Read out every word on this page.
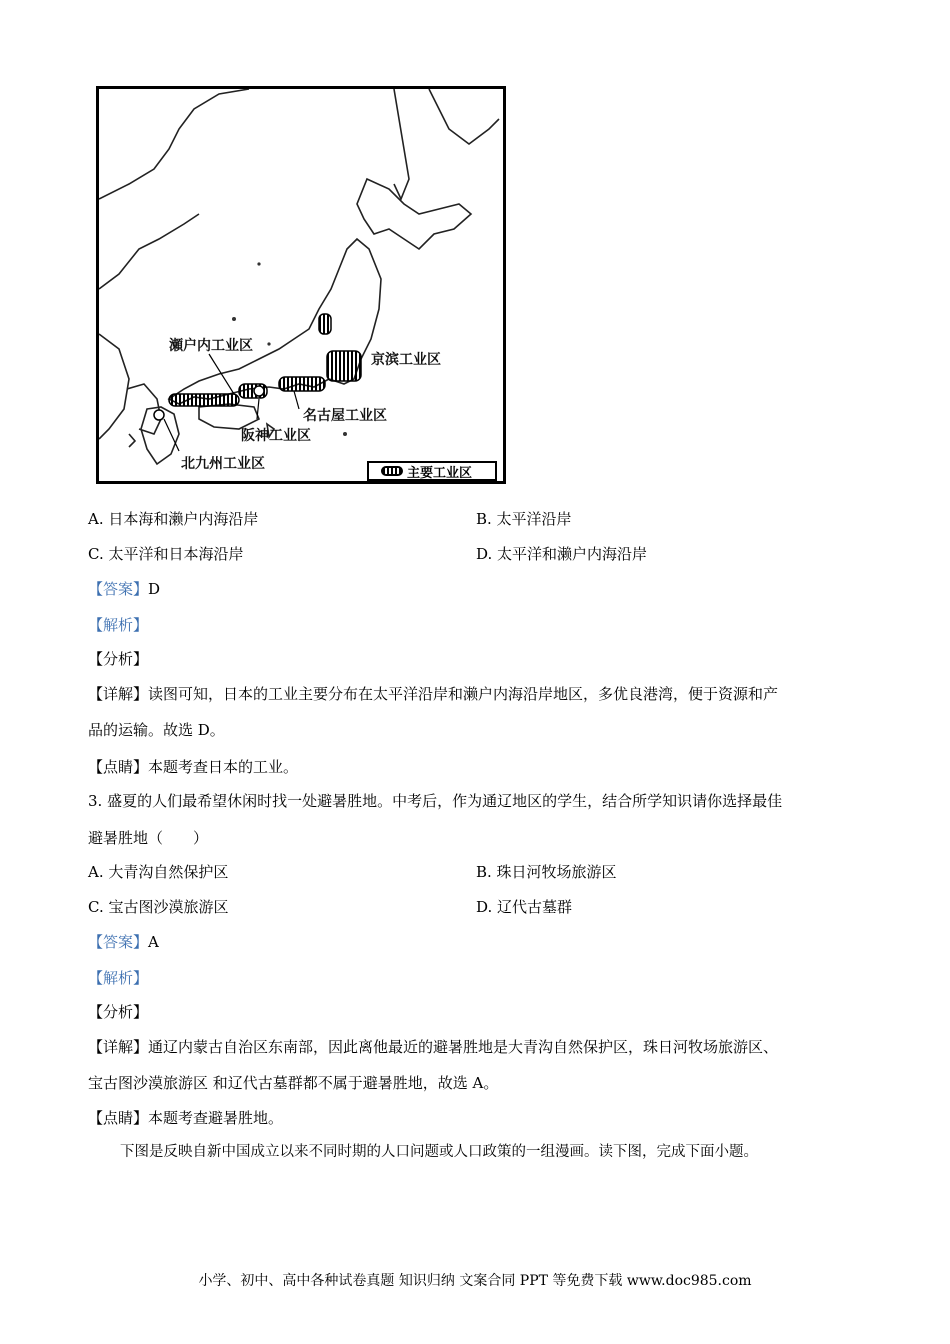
瀬户内工业区
京滨工业区
名古屋工业区
阪神工业区
北九州工业区
主要工业区
A. 日本海和濑户内海沿岸	B. 太平洋沿岸
C. 太平洋和日本海沿岸	D. 太平洋和濑户内海沿岸
【答案】D
【解析】
【分析】
【详解】读图可知，日本的工业主要分布在太平洋沿岸和濑户内海沿岸地区，多优良港湾，便于资源和产
品的运输。故选 D。
【点睛】本题考查日本的工业。
3. 盛夏的人们最希望休闲时找一处避暑胜地。中考后，作为通辽地区的学生，结合所学知识请你选择最佳
避暑胜地（　　）
A. 大青沟自然保护区	B. 珠日河牧场旅游区
C. 宝古图沙漠旅游区	D. 辽代古墓群
【答案】A
【解析】
【分析】
【详解】通辽内蒙古自治区东南部，因此离他最近的避暑胜地是大青沟自然保护区，珠日河牧场旅游区、
宝古图沙漠旅游区 和辽代古墓群都不属于避暑胜地，故选 A。
【点睛】本题考查避暑胜地。
下图是反映自新中国成立以来不同时期的人口问题或人口政策的一组漫画。读下图，完成下面小题。
小学、初中、高中各种试卷真题 知识归纳 文案合同 PPT 等免费下载 www.doc985.com
